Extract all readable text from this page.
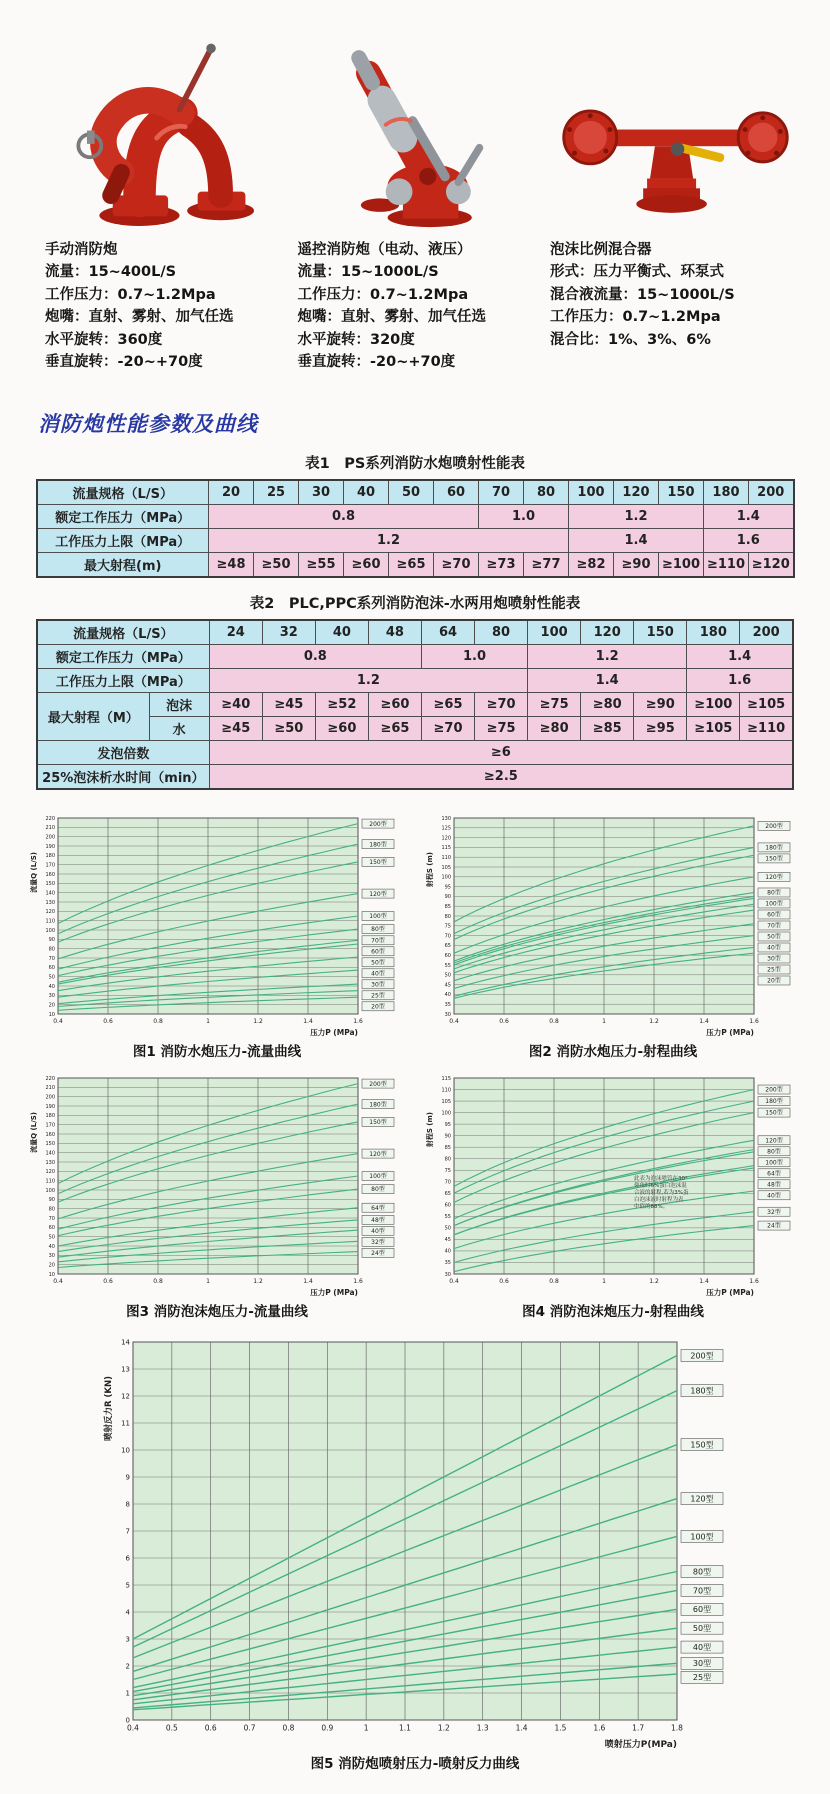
手动消防炮
流量：15~400L/S
工作压力：0.7~1.2Mpa
炮嘴：直射、雾射、加气任选
水平旋转：360度
垂直旋转：-20~+70度
遥控消防炮（电动、液压）
流量：15~1000L/S
工作压力：0.7~1.2Mpa
炮嘴：直射、雾射、加气任选
水平旋转：320度
垂直旋转：-20~+70度
泡沫比例混合器
形式：压力平衡式、环泵式
混合液流量：15~1000L/S
工作压力：0.7~1.2Mpa
混合比：1%、3%、6%
消防炮性能参数及曲线
表1　PS系列消防水炮喷射性能表
流量规格（L/S）	20	25	30	40	50	60	70	80	100	120	150	180	200
额定工作压力（MPa）	0.8						1.0		1.2			1.4	
工作压力上限（MPa）	1.2								1.4			1.6	
最大射程(m)	≥48	≥50	≥55	≥60	≥65	≥70	≥73	≥77	≥82	≥90	≥100	≥110	≥120
表2　PLC,PPC系列消防泡沫-水两用炮喷射性能表
流量规格（L/S）		24	32	40	48	64	80	100	120	150	180	200
额定工作压力（MPa）		0.8				1.0		1.2			1.4	
工作压力上限（MPa）		1.2						1.4			1.6	
最大射程（M）	泡沫	≥40	≥45	≥52	≥60	≥65	≥70	≥75	≥80	≥90	≥100	≥105
	水	≥45	≥50	≥60	≥65	≥70	≥75	≥80	≥85	≥95	≥105	≥110
发泡倍数		≥6										
25%泡沫析水时间（min）		≥2.5										
10
20
30
40
50
60
70
80
90
100
110
120
130
140
150
160
170
180
190
200
210
220
0.4	0.6	0.8	1	1.2	1.4	1.6
200型
180型
150型
120型
100型
80型
70型
60型
50型
40型
30型
25型
20型
流量Q (L/S)
压力P (MPa)
图1 消防水炮压力-流量曲线
30
35
40
45
50
55
60
65
70
75
80
85
90
95
100
105
110
115
120
125
130
0.4	0.6	0.8	1	1.2	1.4	1.6
200型
180型
150型
120型
80型
100型
60型
70型
50型
40型
30型
25型
20型
射程S (m)
压力P (MPa)
图2 消防水炮压力-射程曲线
10
20
30
40
50
60
70
80
90
100
110
120
130
140
150
160
170
180
190
200
210
220
0.4	0.6	0.8	1	1.2	1.4	1.6
200型
180型
150型
120型
100型
80型
64型
48型
40型
32型
24型
流量Q (L/S)
压力P (MPa)
图3 消防泡沫炮压力-流量曲线
30
35
40
45
50
55
60
65
70
75
80
85
90
95
100
105
110
115
0.4	0.6	0.8	1	1.2	1.4	1.6
200型
180型
150型
120型
80型
100型
64型
48型
40型
32型
24型
射程S (m)
压力P (MPa)
此表为泡沫喷管在30°
仰角时6%蛋白泡沫混
合液的射程,若为3%蛋
白泡沫液时射程为表
中值的88%。
图4 消防泡沫炮压力-射程曲线
0
1
2
3
4
5
6
7
8
9
10
11
12
13
14
0.4	0.5	0.6	0.7	0.8	0.9	1	1.1	1.2	1.3	1.4	1.5	1.6	1.7	1.8
200型
180型
150型
120型
100型
80型
70型
60型
50型
40型
30型
25型
喷射反力R (KN)
喷射压力P(MPa)
图5 消防炮喷射压力-喷射反力曲线
